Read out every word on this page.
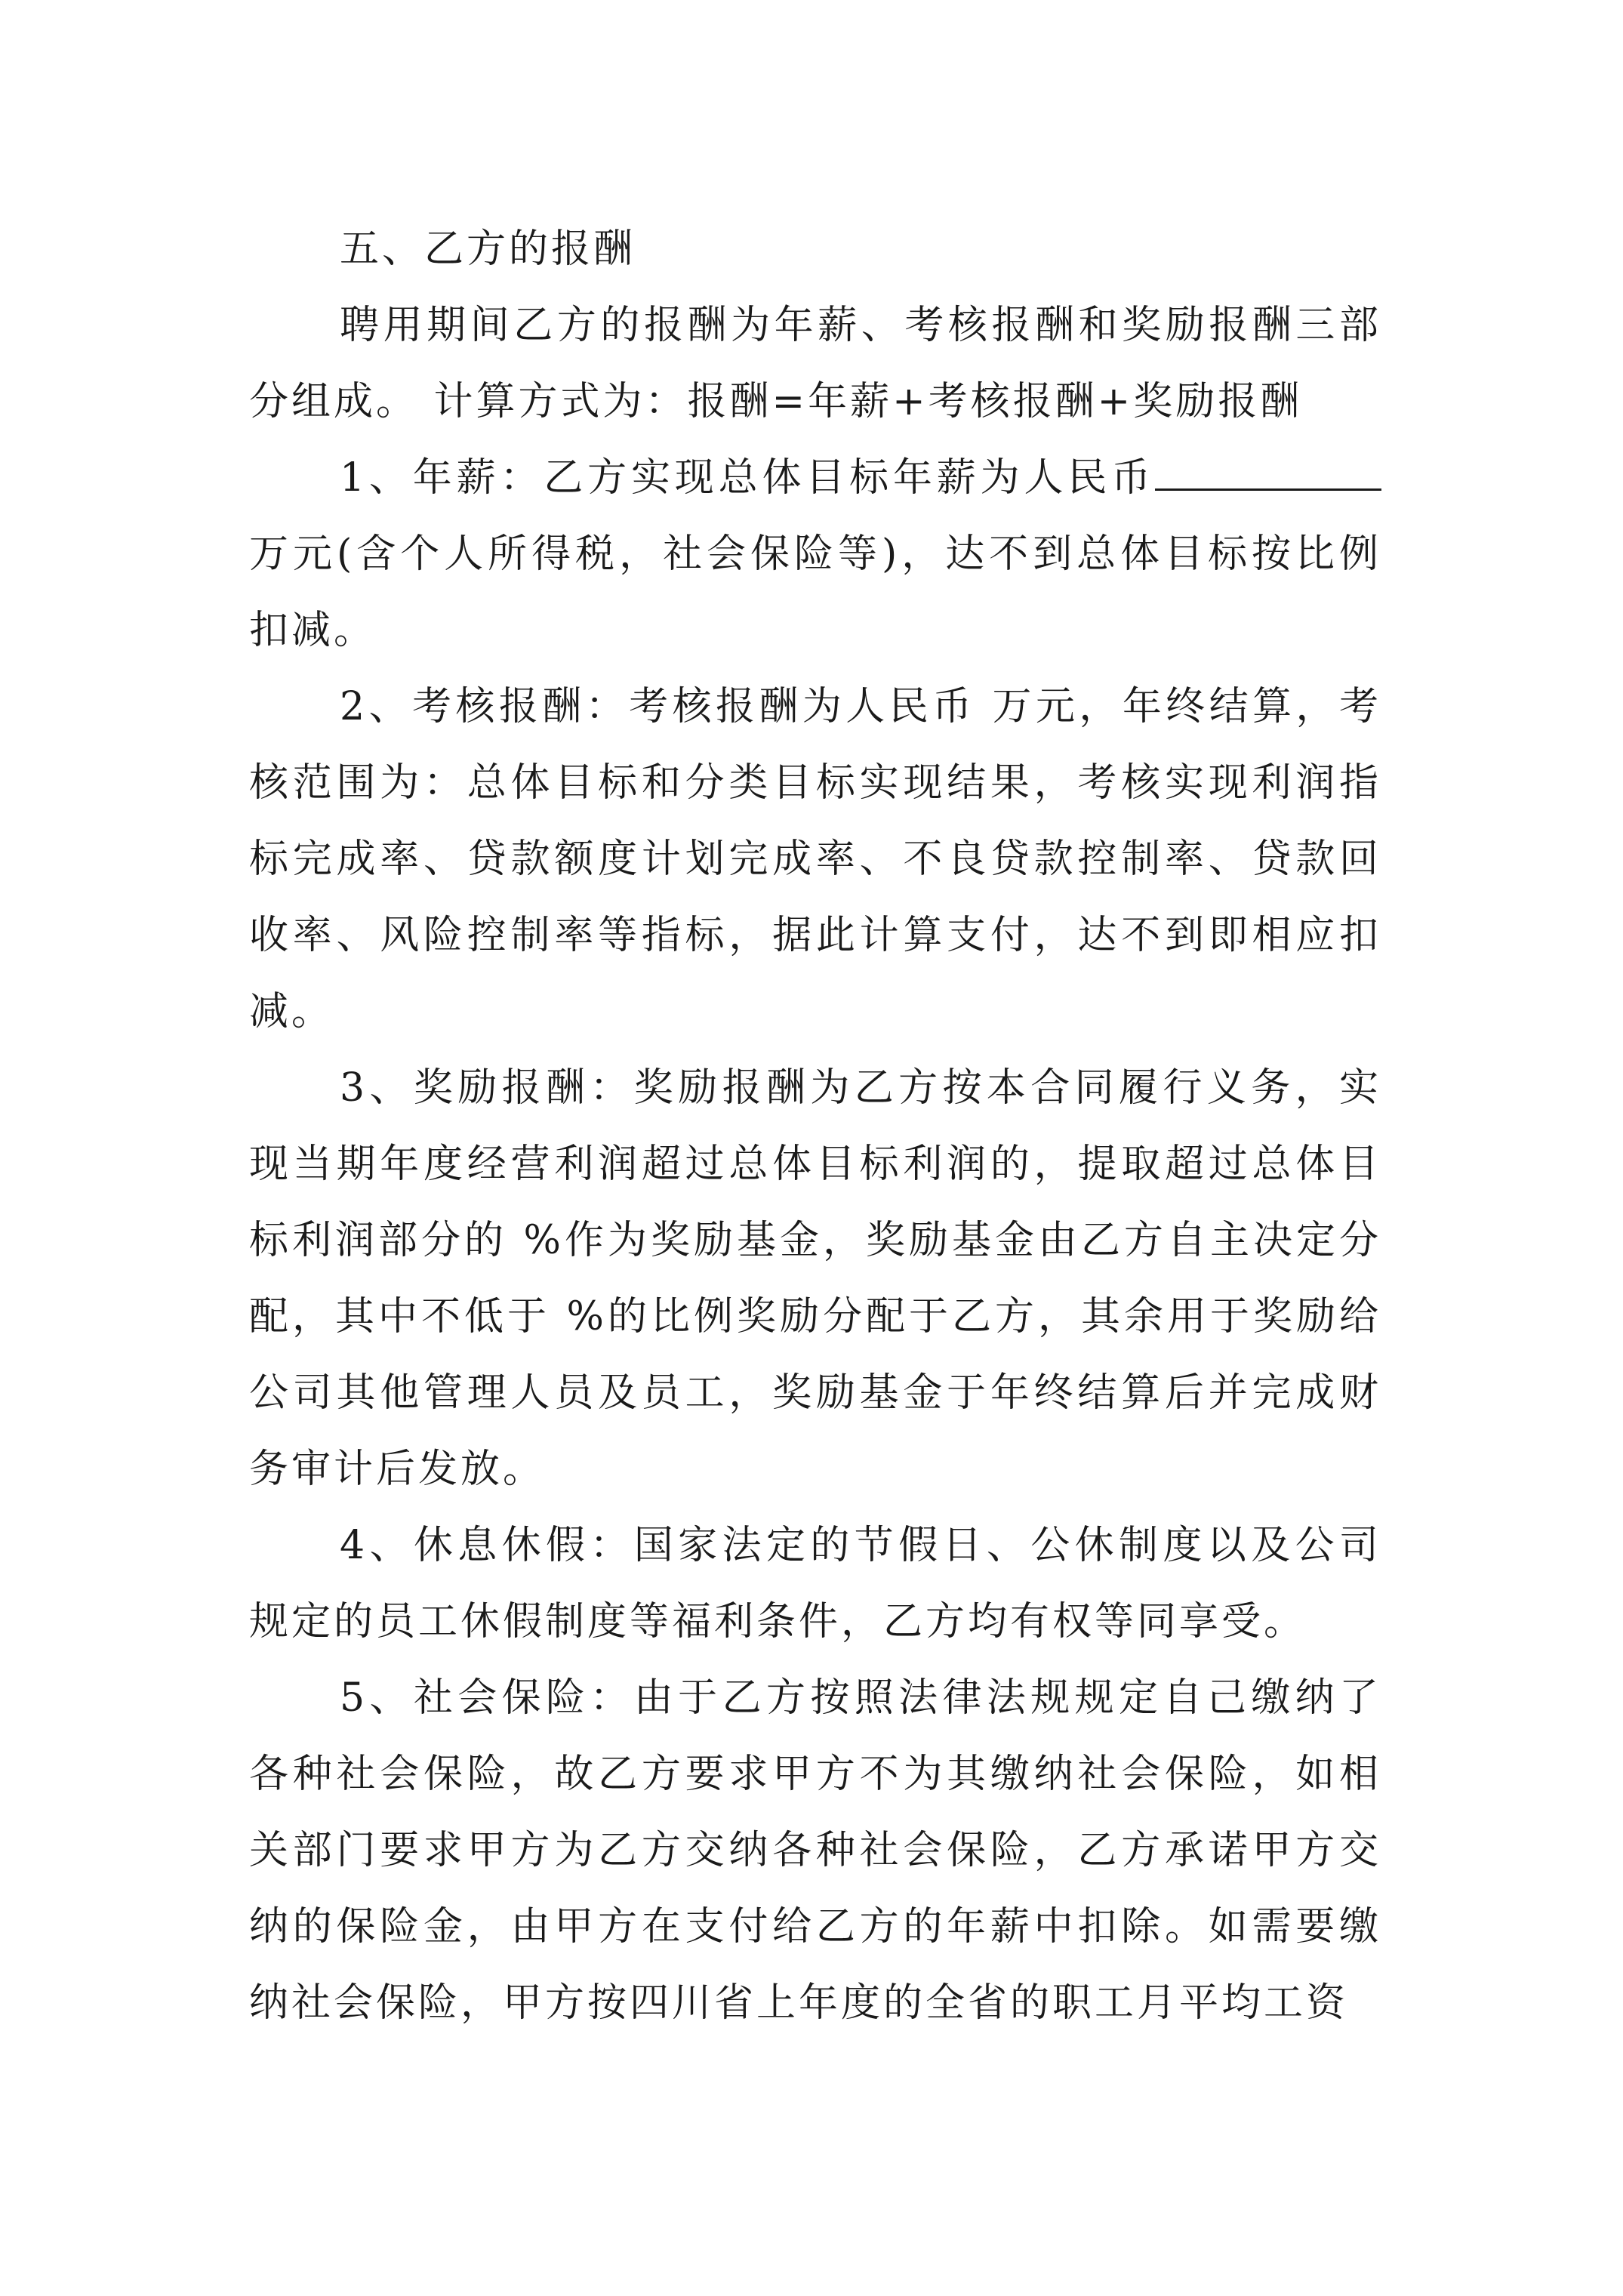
五、乙方的报酬

聘用期间乙方的报酬为年薪、考核报酬和奖励报酬三部分组成。 计算方式为：报酬=年薪+考核报酬+奖励报酬

1、年薪：乙方实现总体目标年薪为人民币万元(含个人所得税，社会保险等)，达不到总体目标按比例扣减。

2、考核报酬：考核报酬为人民币 万元，年终结算，考核范围为：总体目标和分类目标实现结果，考核实现利润指标完成率、贷款额度计划完成率、不良贷款控制率、贷款回收率、风险控制率等指标，据此计算支付，达不到即相应扣减。

3、奖励报酬：奖励报酬为乙方按本合同履行义务，实现当期年度经营利润超过总体目标利润的，提取超过总体目标利润部分的 %作为奖励基金，奖励基金由乙方自主决定分配，其中不低于 %的比例奖励分配于乙方，其余用于奖励给公司其他管理人员及员工，奖励基金于年终结算后并完成财务审计后发放。

4、休息休假：国家法定的节假日、公休制度以及公司规定的员工休假制度等福利条件，乙方均有权等同享受。

5、社会保险：由于乙方按照法律法规规定自己缴纳了各种社会保险，故乙方要求甲方不为其缴纳社会保险，如相关部门要求甲方为乙方交纳各种社会保险，乙方承诺甲方交纳的保险金，由甲方在支付给乙方的年薪中扣除。如需要缴纳社会保险，甲方按四川省上年度的全省的职工月平均工资
